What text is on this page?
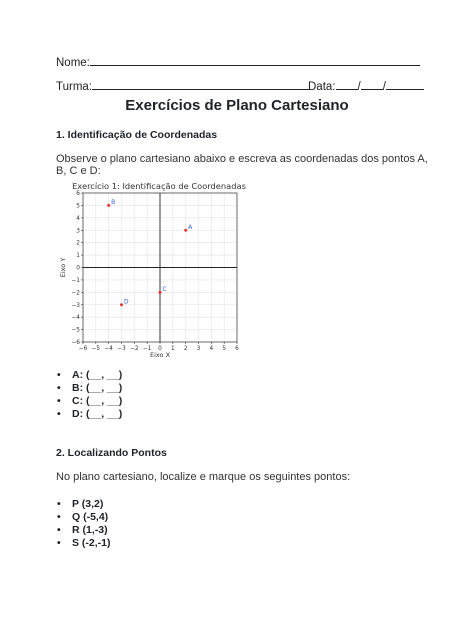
Nome:
Turma:	Data: / /
Exercícios de Plano Cartesiano
1. Identificação de Coordenadas
Observe o plano cartesiano abaixo e escreva as coordenadas dos pontos A, B, C e D:
Exercício 1: Identificação de Coordenadas
−6 −5 −4 −3 −2 −1 0 1 2 3 4 5 6
−6
−5
−4
−3
−2
−1
0
1
2
3
4
5
6
A
B
C
D
Eixo X
Eixo Y
• A: (__, __)
• B: (__, __)
• C: (__, __)
• D: (__, __)
2. Localizando Pontos
No plano cartesiano, localize e marque os seguintes pontos:
• P (3,2)
• Q (-5,4)
• R (1,-3)
• S (-2,-1)
